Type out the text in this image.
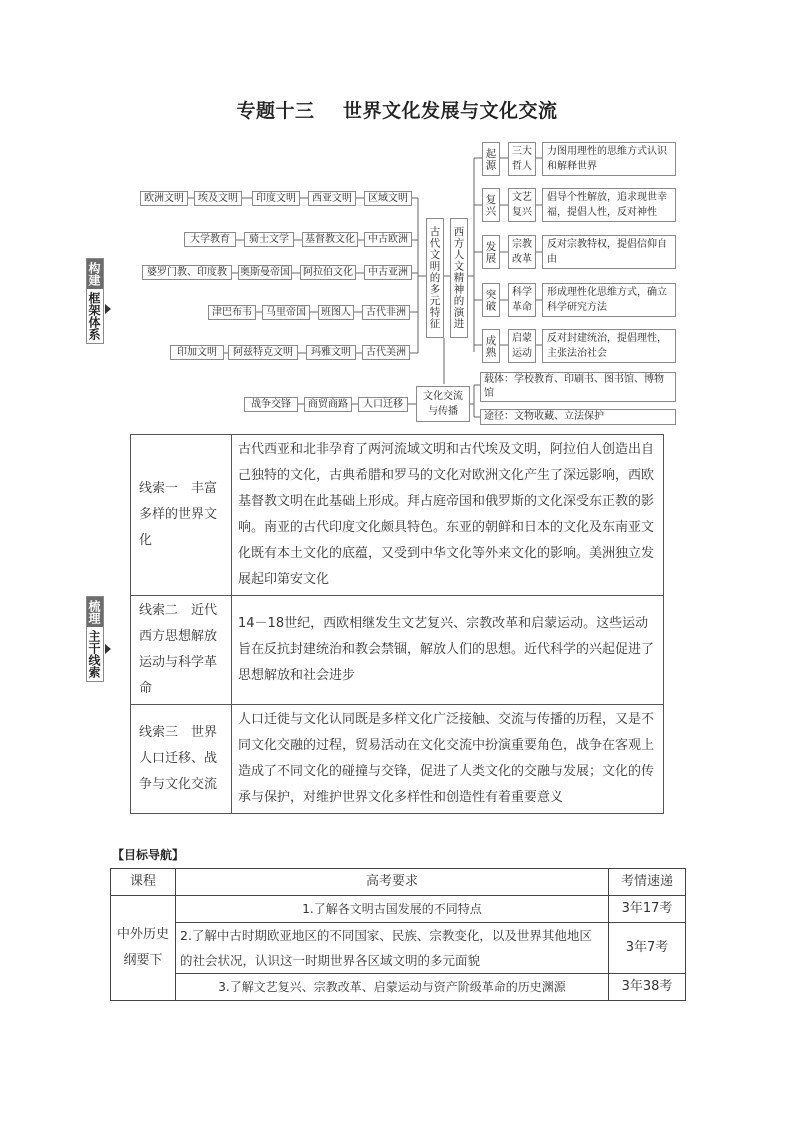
专题十三 世界文化发展与文化交流
构建
框架体系
欧洲文明	埃及文明	印度文明	西亚文明	区域文明
大学教育	骑士文学	基督教文化	中古欧洲
婆罗门教、印度教	奥斯曼帝国	阿拉伯文化	中古亚洲
津巴布韦	马里帝国	班图人	古代非洲
印加文明	阿兹特克文明	玛雅文明	古代美洲
古代文明的多元特征	西方人文精神的演进
起源
复兴
发展
突破
成熟
三大哲人
文艺复兴
宗教改革
科学革命
启蒙运动
力图用理性的思维方式认识和解释世界
倡导个性解放，追求现世幸福，提倡人性，反对神性
反对宗教特权，提倡信仰自由
形成理性化思维方式，确立科学研究方法
反对封建统治，提倡理性，主张法治社会
战争交锋	商贸商路	人口迁移
文化交流与传播
载体：学校教育、印刷书、图书馆、博物馆
途径：文物收藏、立法保护
梳理
主干线索
线索一　丰富多样的世界文化	古代西亚和北非孕育了两河流域文明和古代埃及文明，阿拉伯人创造出自己独特的文化，古典希腊和罗马的文化对欧洲文化产生了深远影响，西欧基督教文明在此基础上形成。拜占庭帝国和俄罗斯的文化深受东正教的影响。南亚的古代印度文化颇具特色。东亚的朝鲜和日本的文化及东南亚文化既有本土文化的底蕴，又受到中华文化等外来文化的影响。美洲独立发展起印第安文化
线索二　近代西方思想解放运动与科学革命	14－18世纪，西欧相继发生文艺复兴、宗教改革和启蒙运动。这些运动旨在反抗封建统治和教会禁锢，解放人们的思想。近代科学的兴起促进了思想解放和社会进步
线索三　世界人口迁移、战争与文化交流	人口迁徙与文化认同既是多样文化广泛接触、交流与传播的历程，又是不同文化交融的过程，贸易活动在文化交流中扮演重要角色，战争在客观上造成了不同文化的碰撞与交锋，促进了人类文化的交融与发展；文化的传承与保护，对维护世界文化多样性和创造性有着重要意义
【目标导航】
课程	高考要求	考情速递
中外历史纲要下	1.了解各文明古国发展的不同特点	3年17考
	2.了解中古时期欧亚地区的不同国家、民族、宗教变化，以及世界其他地区的社会状况，认识这一时期世界各区域文明的多元面貌	3年7考
	3.了解文艺复兴、宗教改革、启蒙运动与资产阶级革命的历史渊源	3年38考
